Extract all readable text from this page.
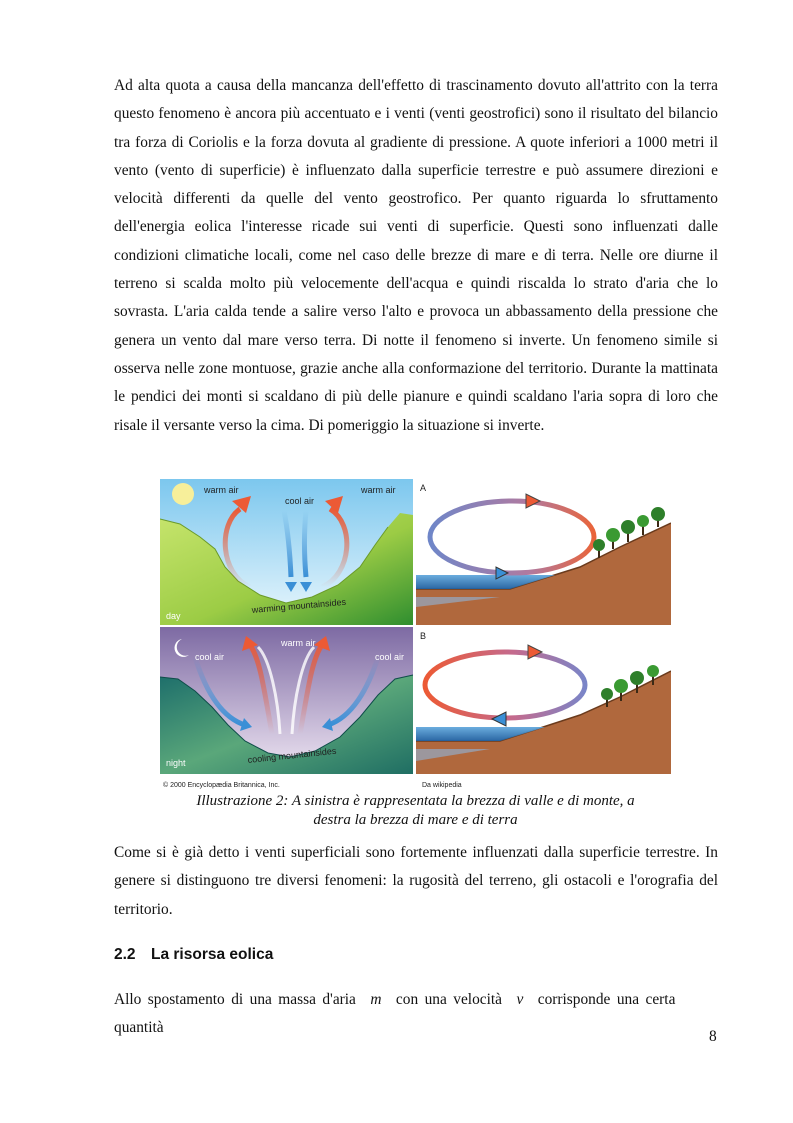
Ad alta quota a causa della mancanza dell'effetto di trascinamento dovuto all'attrito con la terra questo fenomeno è ancora più accentuato e i venti (venti geostrofici) sono il risultato del bilancio tra forza di Coriolis e la forza dovuta al gradiente di pressione. A quote inferiori a 1000 metri il vento (vento di superficie) è influenzato dalla superficie terrestre e può assumere direzioni e velocità differenti da quelle del vento geostrofico. Per quanto riguarda lo sfruttamento dell'energia eolica l'interesse ricade sui venti di superficie. Questi sono influenzati dalle condizioni climatiche locali, come nel caso delle brezze di mare e di terra. Nelle ore diurne il terreno si scalda molto più velocemente dell'acqua e quindi riscalda lo strato d'aria che lo sovrasta. L'aria calda tende a salire verso l'alto e provoca un abbassamento della pressione che genera un vento dal mare verso terra. Di notte il fenomeno si inverte. Un fenomeno simile si osserva nelle zone montuose, grazie anche alla conformazione del territorio. Durante la mattinata le pendici dei monti si scaldano di più delle pianure e quindi scaldano l'aria sopra di loro che risale il versante verso la cima. Di pomeriggio la situazione si inverte.

warm air	warm air
cool air
warming mountainsides
day
warm air
cool air	cool air
cooling mountainsides
night
© 2000 Encyclopædia Britannica, Inc.
A
B
Da wikipedia

Illustrazione 2: A sinistra è rappresentata la brezza di valle e di monte, a
destra la brezza di mare e di terra

Come si è già detto i venti superficiali sono fortemente influenzati dalla superficie terrestre. In genere si distinguono tre diversi fenomeni: la rugosità del terreno, gli ostacoli e l'orografia del territorio.

2.2 La risorsa eolica

Allo spostamento di una massa d'aria m con una velocità v corrisponde una certa quantità

8
